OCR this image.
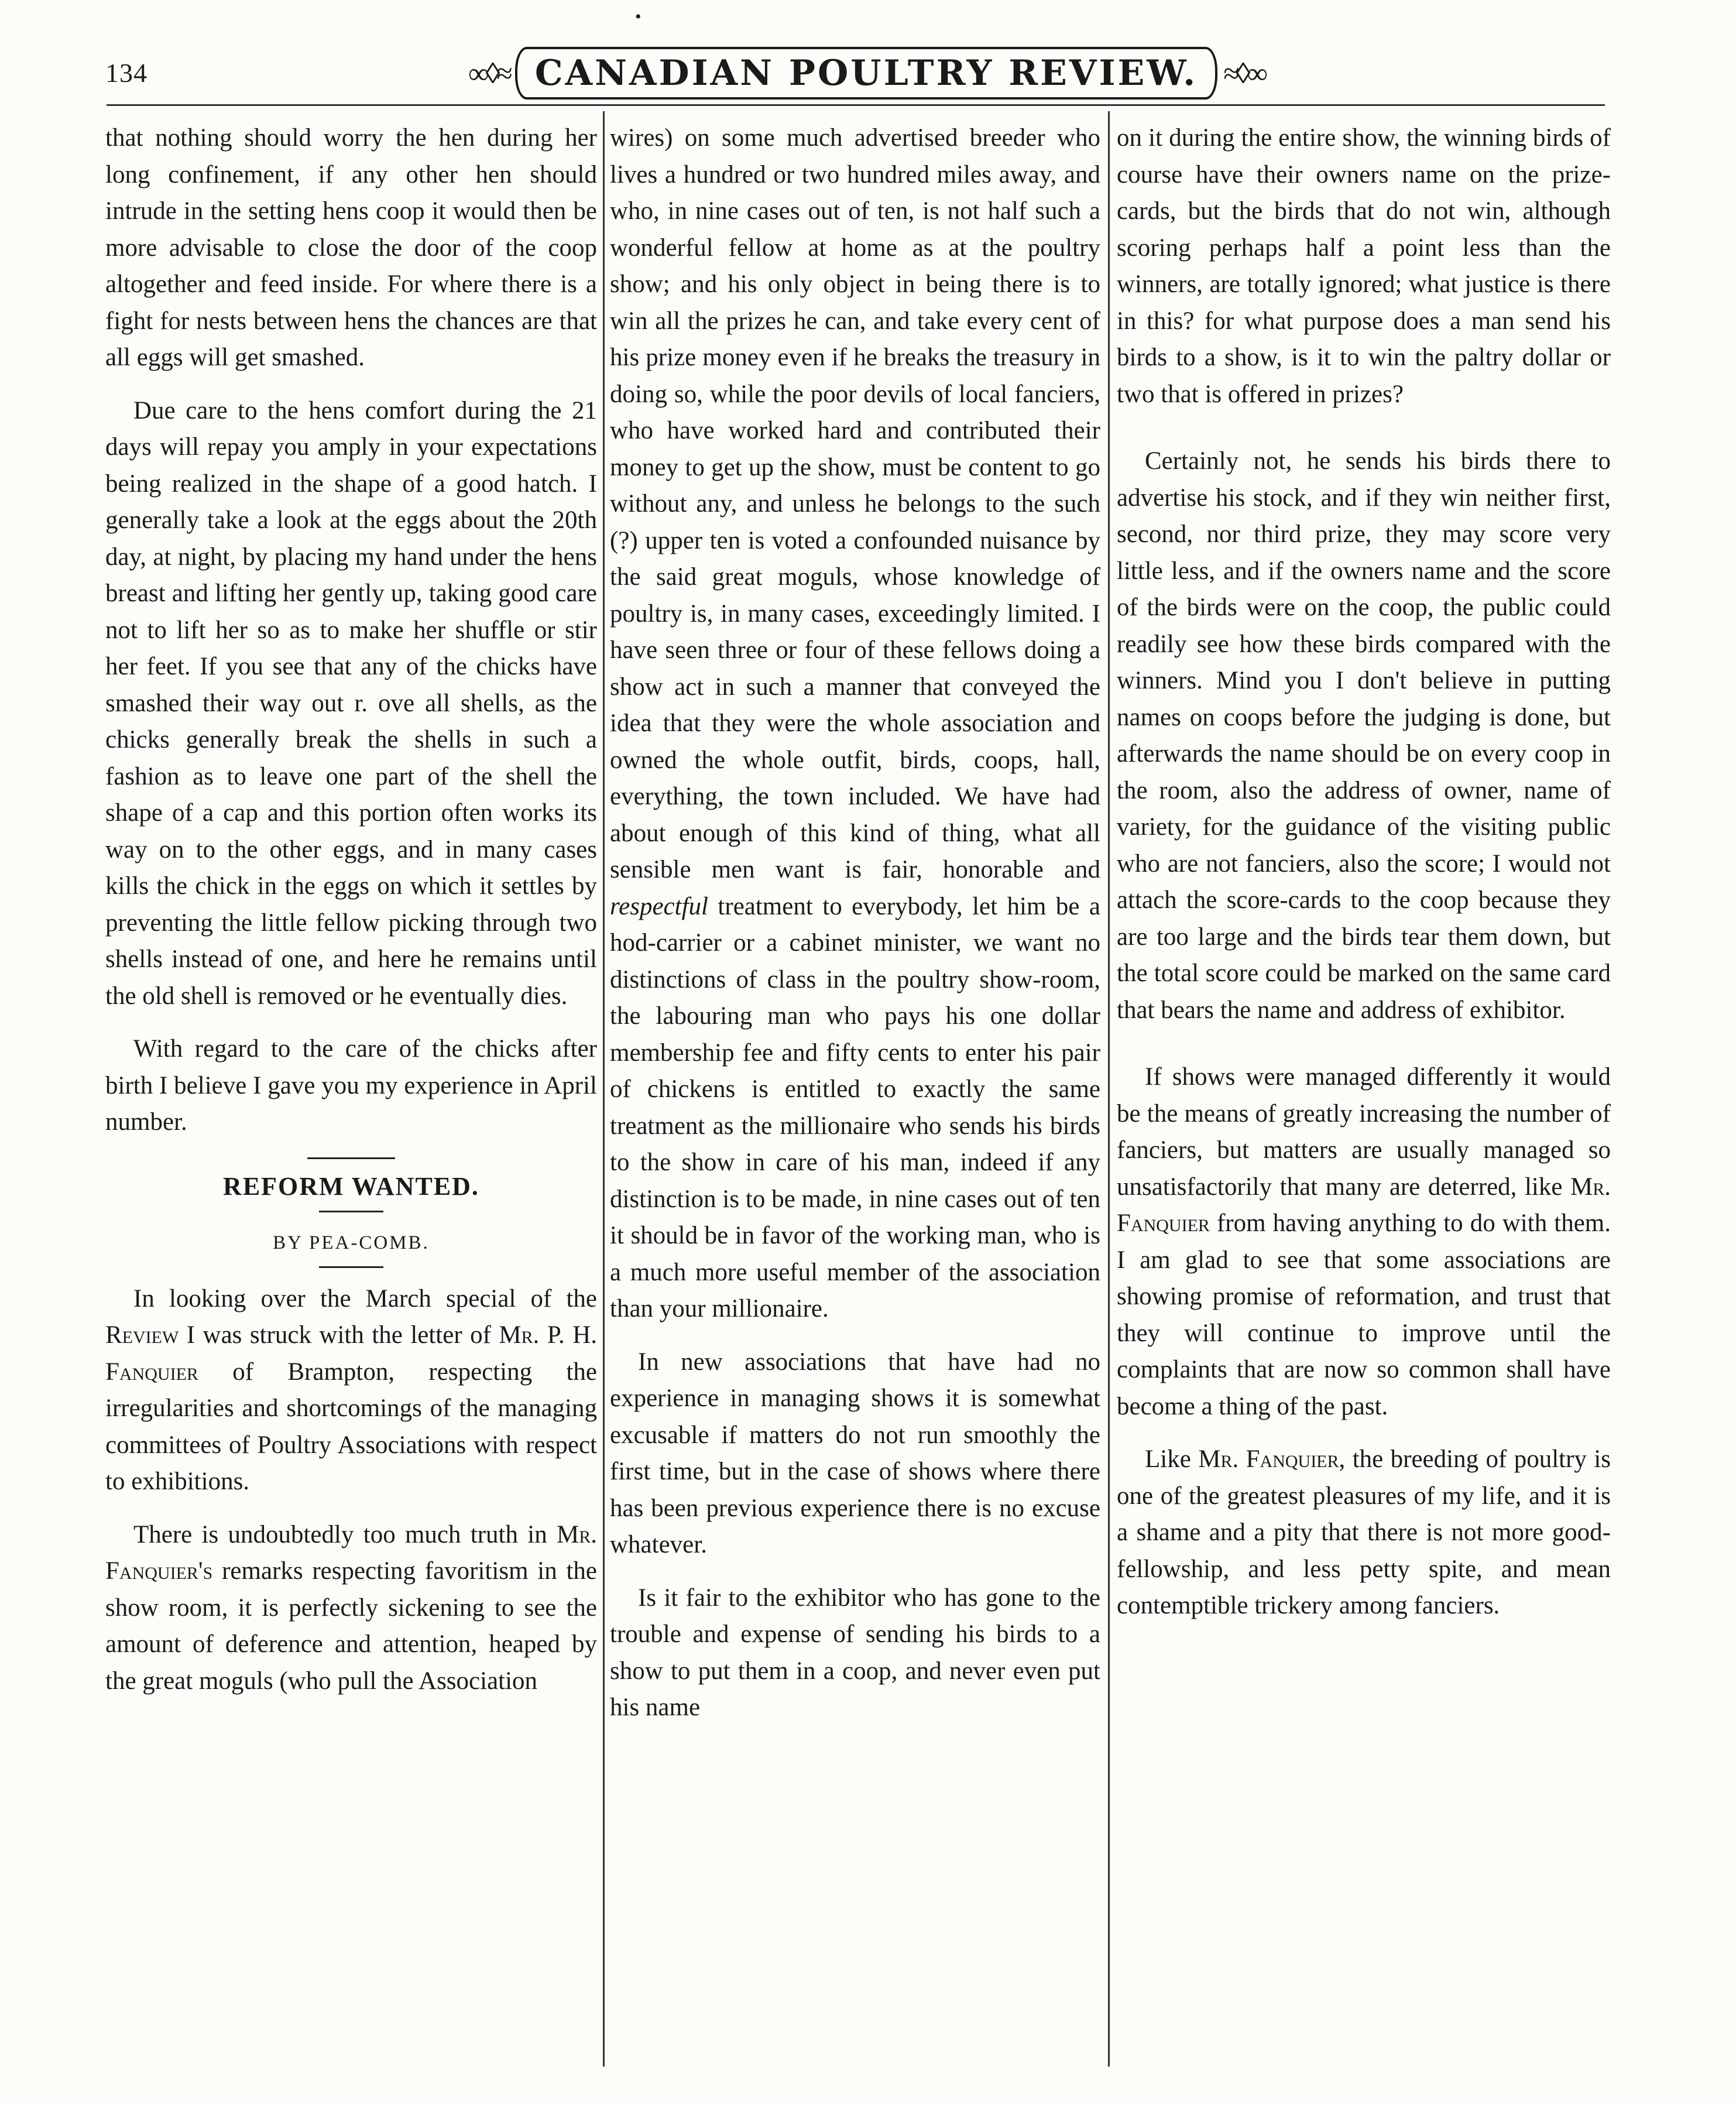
•
134	∞◊≈ CANADIAN POULTRY REVIEW. ≈◊∞

that nothing should worry the hen during her long confinement, if any other hen should intrude in the setting hens coop it would then be more advisable to close the door of the coop altogether and feed inside. For where there is a fight for nests between hens the chances are that all eggs will get smashed.

Due care to the hens comfort during the 21 days will repay you amply in your expectations being realized in the shape of a good hatch. I generally take a look at the eggs about the 20th day, at night, by placing my hand under the hens breast and lifting her gently up, taking good care not to lift her so as to make her shuffle or stir her feet. If you see that any of the chicks have smashed their way out r. ove all shells, as the chicks generally break the shells in such a fashion as to leave one part of the shell the shape of a cap and this portion often works its way on to the other eggs, and in many cases kills the chick in the eggs on which it settles by preventing the little fellow picking through two shells instead of one, and here he remains until the old shell is removed or he eventually dies.

With regard to the care of the chicks after birth I believe I gave you my experience in April number.

REFORM WANTED.
BY PEA-COMB.

In looking over the March special of the Review I was struck with the letter of Mr. P. H. Fanquier of Brampton, respecting the irregularities and shortcomings of the managing committees of Poultry Associations with respect to exhibitions.

There is undoubtedly too much truth in Mr. Fanquier's remarks respecting favoritism in the show room, it is perfectly sickening to see the amount of deference and attention, heaped by the great moguls (who pull the Association

wires) on some much advertised breeder who lives a hundred or two hundred miles away, and who, in nine cases out of ten, is not half such a wonderful fellow at home as at the poultry show; and his only object in being there is to win all the prizes he can, and take every cent of his prize money even if he breaks the treasury in doing so, while the poor devils of local fanciers, who have worked hard and contributed their money to get up the show, must be content to go without any, and unless he belongs to the such (?) upper ten is voted a confounded nuisance by the said great moguls, whose knowledge of poultry is, in many cases, exceedingly limited. I have seen three or four of these fellows doing a show act in such a manner that conveyed the idea that they were the whole association and owned the whole outfit, birds, coops, hall, everything, the town included. We have had about enough of this kind of thing, what all sensible men want is fair, honorable and respectful treatment to everybody, let him be a hod-carrier or a cabinet minister, we want no distinctions of class in the poultry show-room, the labouring man who pays his one dollar membership fee and fifty cents to enter his pair of chickens is entitled to exactly the same treatment as the millionaire who sends his birds to the show in care of his man, indeed if any distinction is to be made, in nine cases out of ten it should be in favor of the working man, who is a much more useful member of the association than your millionaire.

In new associations that have had no experience in managing shows it is somewhat excusable if matters do not run smoothly the first time, but in the case of shows where there has been previous experience there is no excuse whatever.

Is it fair to the exhibitor who has gone to the trouble and expense of sending his birds to a show to put them in a coop, and never even put his name

on it during the entire show, the winning birds of course have their owners name on the prize-cards, but the birds that do not win, although scoring perhaps half a point less than the winners, are totally ignored; what justice is there in this? for what purpose does a man send his birds to a show, is it to win the paltry dollar or two that is offered in prizes?

Certainly not, he sends his birds there to advertise his stock, and if they win neither first, second, nor third prize, they may score very little less, and if the owners name and the score of the birds were on the coop, the public could readily see how these birds compared with the winners. Mind you I don't believe in putting names on coops before the judging is done, but afterwards the name should be on every coop in the room, also the address of owner, name of variety, for the guidance of the visiting public who are not fanciers, also the score; I would not attach the score-cards to the coop because they are too large and the birds tear them down, but the total score could be marked on the same card that bears the name and address of exhibitor.

If shows were managed differently it would be the means of greatly increasing the number of fanciers, but matters are usually managed so unsatisfactorily that many are deterred, like Mr. Fanquier from having anything to do with them. I am glad to see that some associations are showing promise of reformation, and trust that they will continue to improve until the complaints that are now so common shall have become a thing of the past.

Like Mr. Fanquier, the breeding of poultry is one of the greatest pleasures of my life, and it is a shame and a pity that there is not more good-fellowship, and less petty spite, and mean contemptible trickery among fanciers.
